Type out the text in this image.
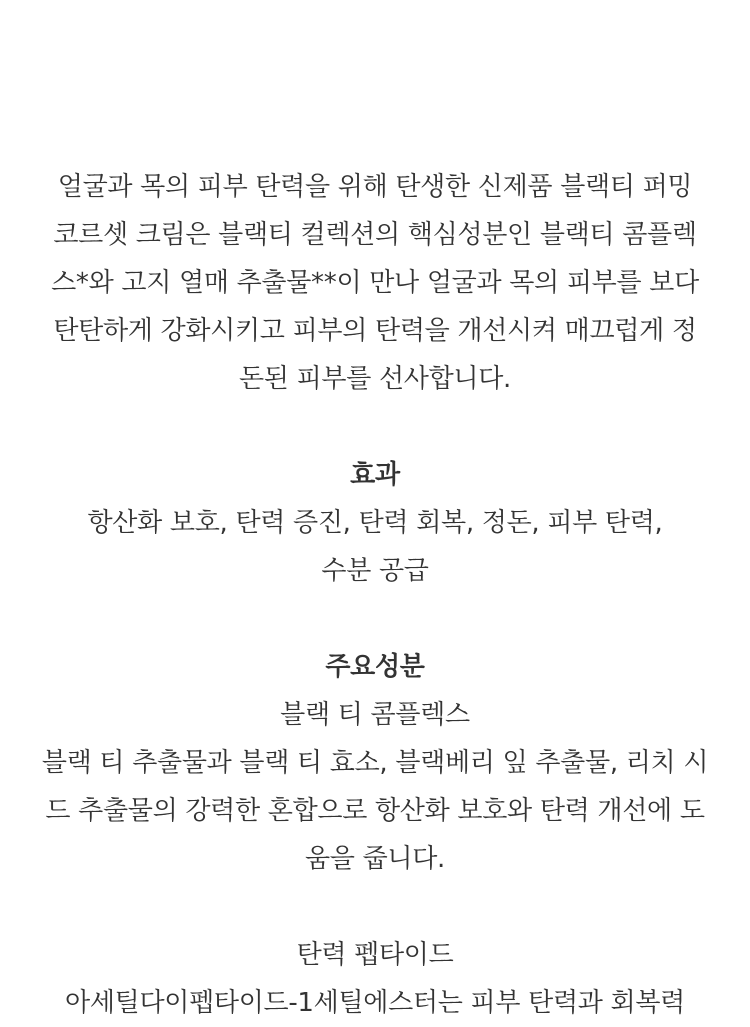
얼굴과 목의 피부 탄력을 위해 탄생한 신제품 블랙티 퍼밍
코르셋 크림은 블랙티 컬렉션의 핵심성분인 블랙티 콤플렉
스*와 고지 열매 추출물**이 만나 얼굴과 목의 피부를 보다
탄탄하게 강화시키고 피부의 탄력을 개선시켜 매끄럽게 정
돈된 피부를 선사합니다.
효과
항산화 보호, 탄력 증진, 탄력 회복, 정돈, 피부 탄력,
수분 공급
주요성분
블랙 티 콤플렉스
블랙 티 추출물과 블랙 티 효소, 블랙베리 잎 추출물, 리치 시
드 추출물의 강력한 혼합으로 항산화 보호와 탄력 개선에 도
움을 줍니다.
탄력 펩타이드
아세틸다이펩타이드-1세틸에스터는 피부 탄력과 회복력
